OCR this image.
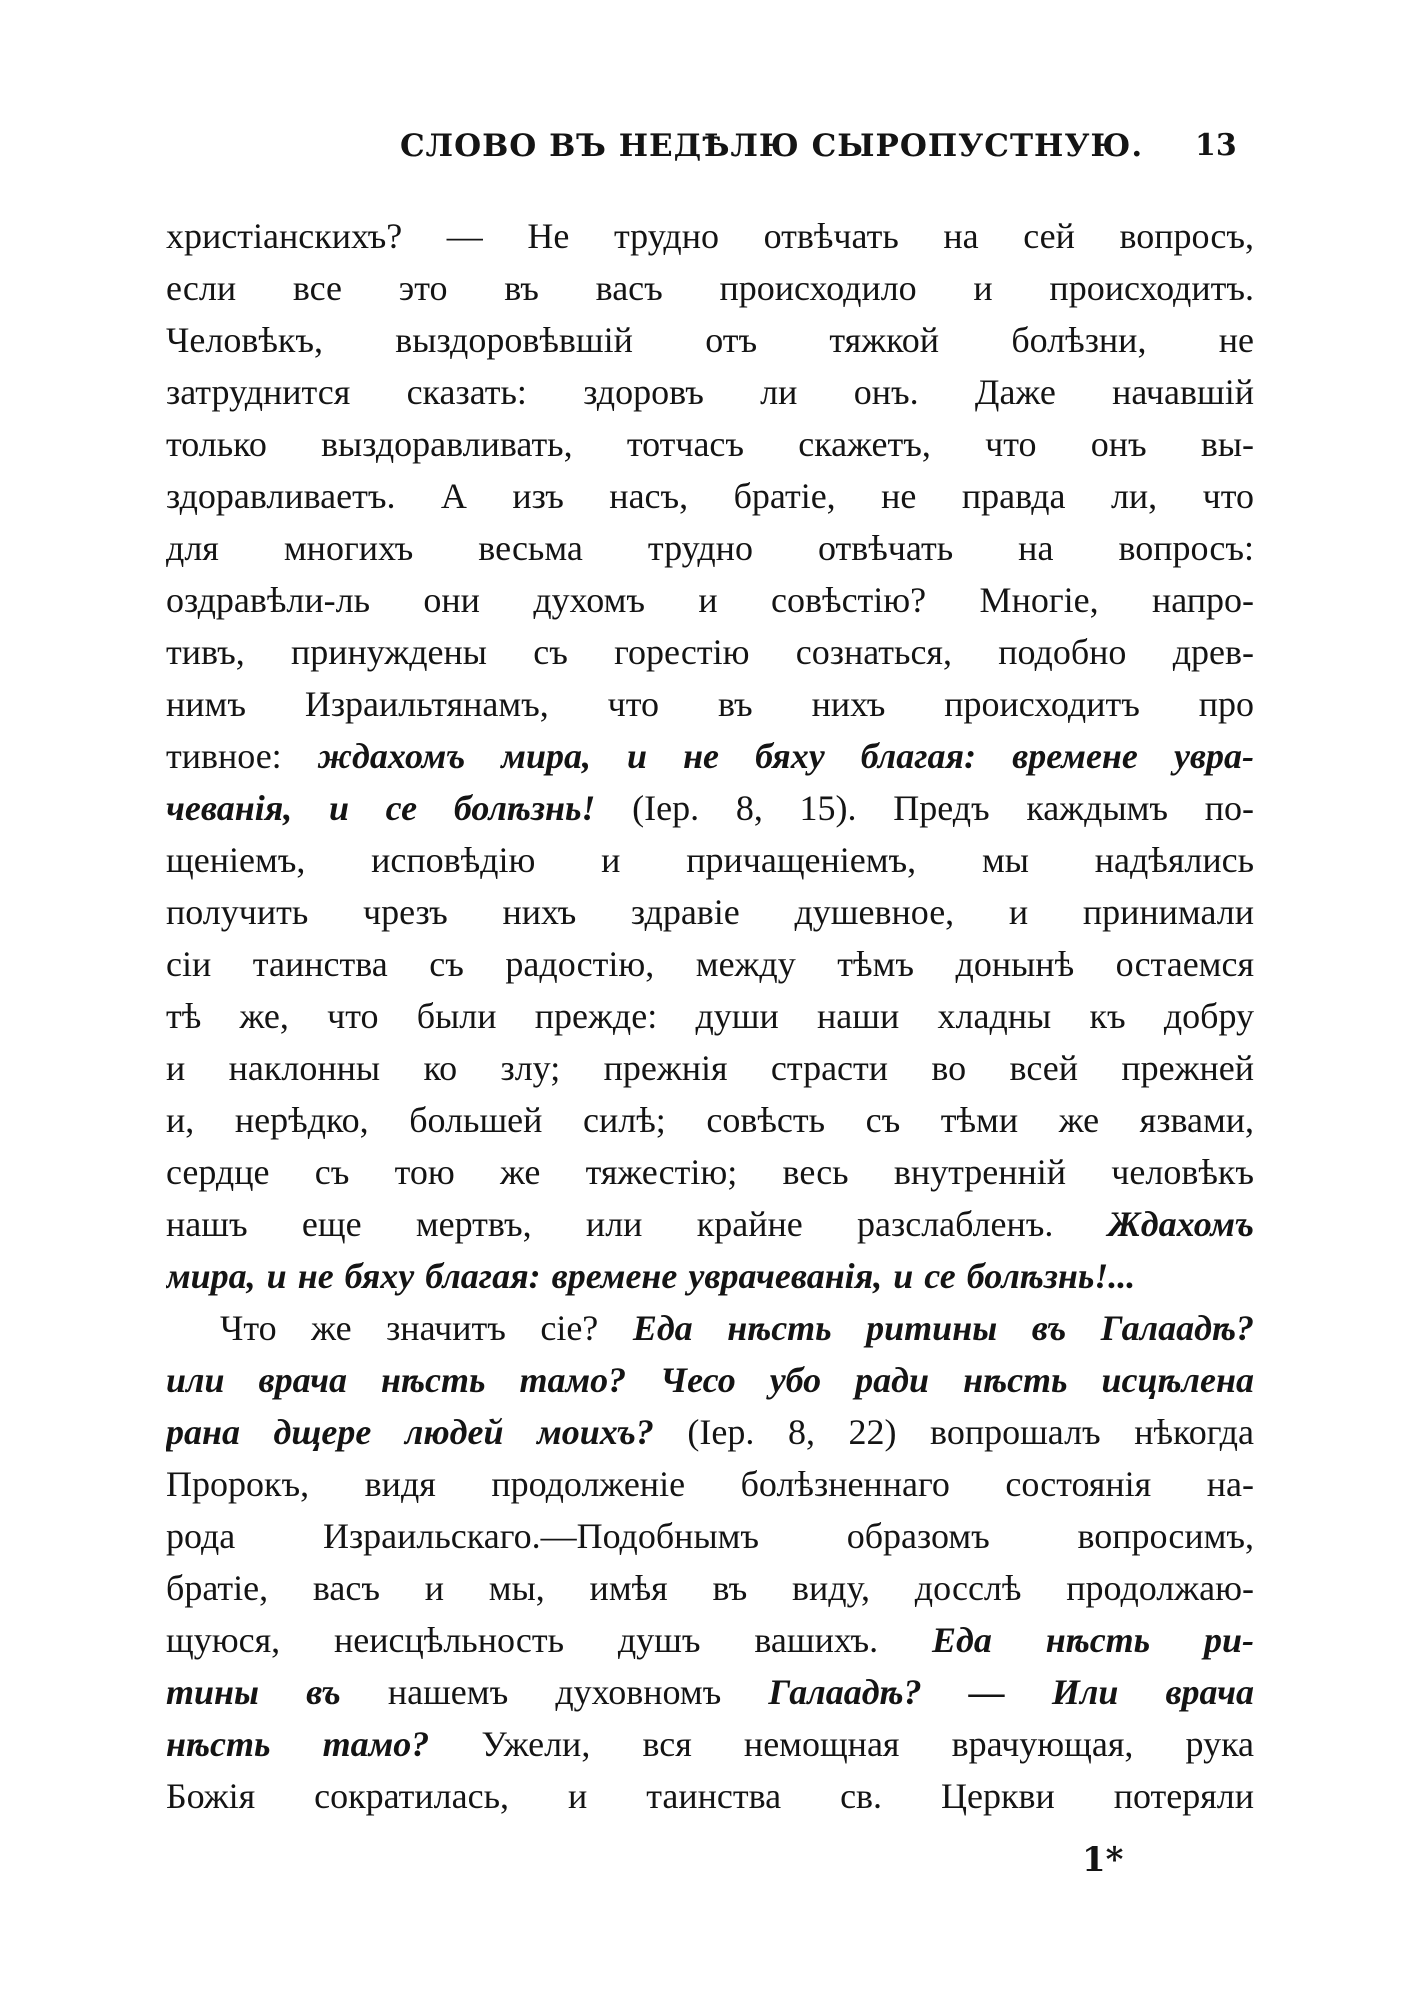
СЛОВО ВЪ НЕДѢЛЮ СЫРОПУСТНУЮ. 13
христіанскихъ? — Не трудно отвѣчать на сей вопросъ,
если все это въ васъ происходило и происходитъ.
Человѣкъ, выздоровѣвшій отъ тяжкой болѣзни, не
затруднится сказать: здоровъ ли онъ. Даже начавшій
только выздоравливать, тотчасъ скажетъ, что онъ вы-
здоравливаетъ. А изъ насъ, братіе, не правда ли, что
для многихъ весьма трудно отвѣчать на вопросъ:
оздравѣли-ль они духомъ и совѣстію? Многіе, напро-
тивъ, принуждены съ горестію сознаться, подобно древ-
нимъ Израильтянамъ, что въ нихъ происходитъ про
тивное: ждахомъ мира, и не бяху благая: времене увра-
чеванія, и се болѣзнь! (Іер. 8, 15). Предъ каждымъ по-
щеніемъ, исповѣдію и причащеніемъ, мы надѣялись
получить чрезъ нихъ здравіе душевное, и принимали
сіи таинства съ радостію, между тѣмъ донынѣ остаемся
тѣ же, что были прежде: души наши хладны къ добру
и наклонны ко злу; прежнія страсти во всей прежней
и, нерѣдко, большей силѣ; совѣсть съ тѣми же язвами,
сердце съ тою же тяжестію; весь внутренній человѣкъ
нашъ еще мертвъ, или крайне разслабленъ. Ждахомъ
мира, и не бяху благая: времене уврачеванія, и се болѣзнь!...
Что же значитъ сіе? Еда нѣсть ритины въ Галаадѣ?
или врача нѣсть тамо? Чесо убо ради нѣсть исцѣлена
рана дщере людей моихъ? (Іер. 8, 22) вопрошалъ нѣкогда
Пророкъ, видя продолженіе болѣзненнаго состоянія на-
рода Израильскаго.—Подобнымъ образомъ вопросимъ,
братіе, васъ и мы, имѣя въ виду, досслѣ продолжаю-
щуюся, неисцѣльность душъ вашихъ. Еда нѣсть ри-
тины въ нашемъ духовномъ Галаадѣ? — Или врача
нѣсть тамо? Ужели, вся немощная врачующая, рука
Божія сократилась, и таинства св. Церкви потеряли
1*
